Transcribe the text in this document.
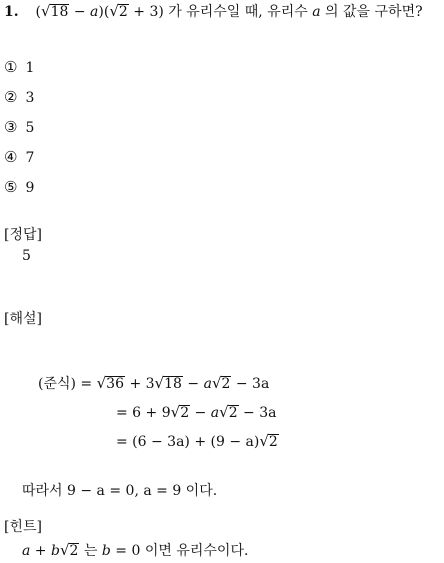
1. (√18 − a)(√2 + 3) 가 유리수일 때, 유리수 a 의 값을 구하면?
① 1
② 3
③ 5
④ 7
⑤ 9
[정답]
5
[해설]
(준식) = √36 + 3√18 − a√2 − 3a
= 6 + 9√2 − a√2 − 3a
= (6 − 3a) + (9 − a)√2
따라서 9 − a = 0, a = 9 이다.
[힌트]
a + b√2 는 b = 0 이면 유리수이다.
